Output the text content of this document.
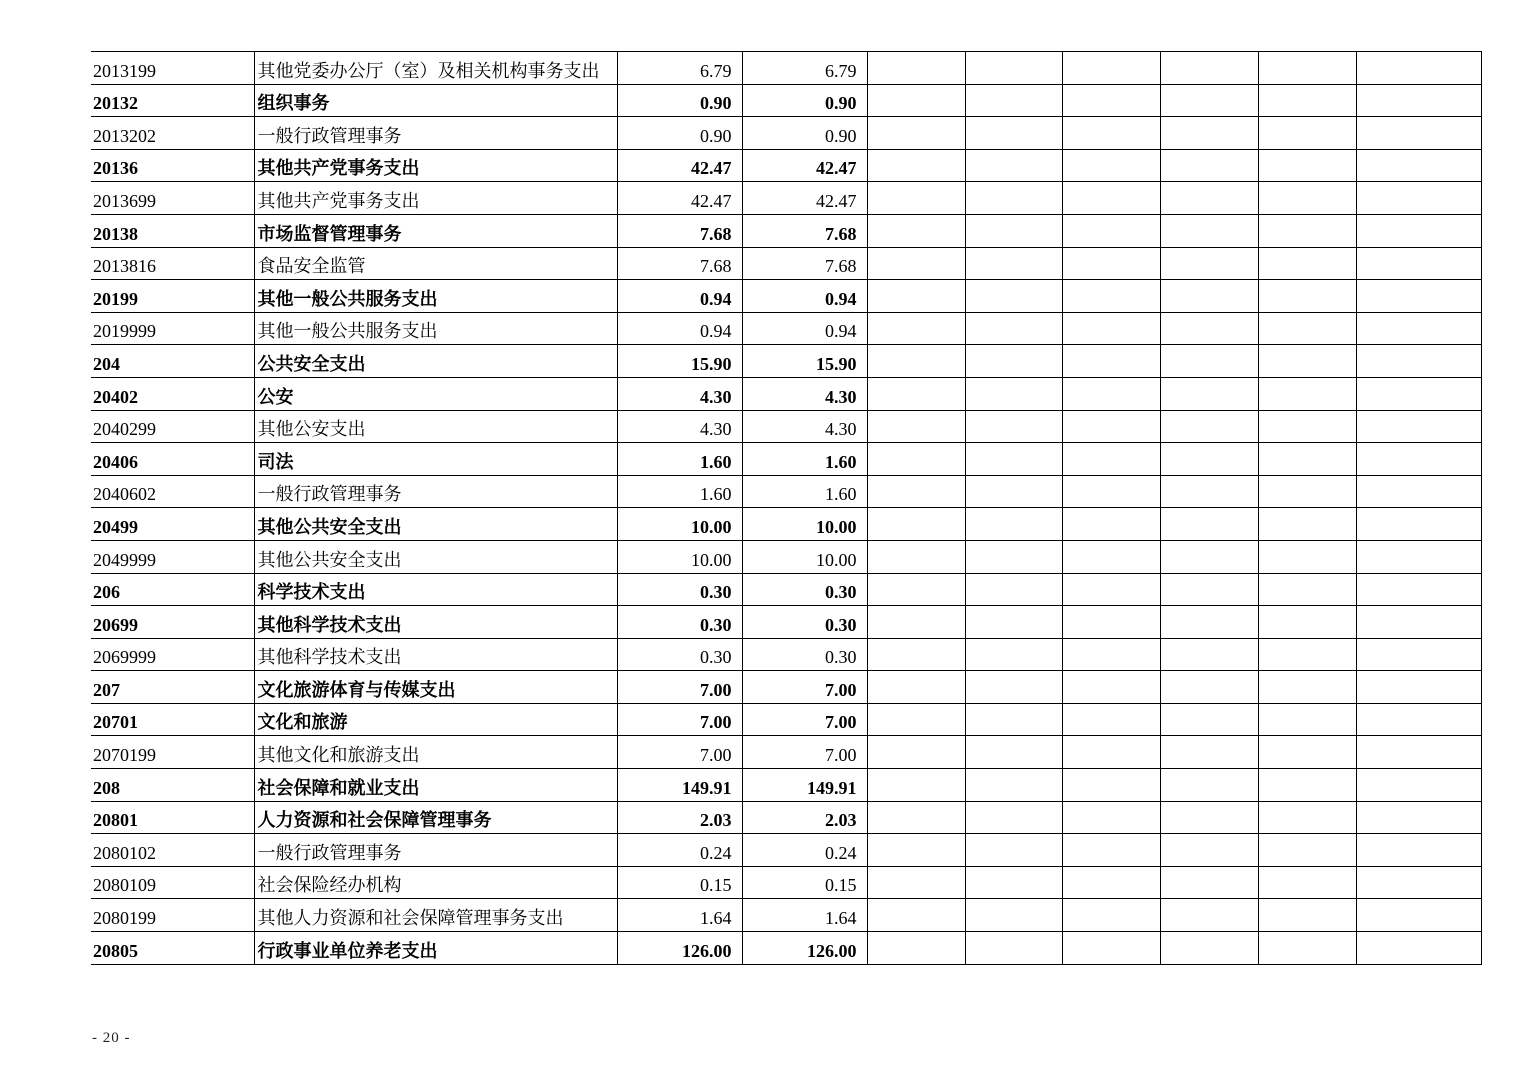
2013199	其他党委办公厅（室）及相关机构事务支出	6.79	6.79						
20132	组织事务	0.90	0.90						
2013202	一般行政管理事务	0.90	0.90						
20136	其他共产党事务支出	42.47	42.47						
2013699	其他共产党事务支出	42.47	42.47						
20138	市场监督管理事务	7.68	7.68						
2013816	食品安全监管	7.68	7.68						
20199	其他一般公共服务支出	0.94	0.94						
2019999	其他一般公共服务支出	0.94	0.94						
204	公共安全支出	15.90	15.90						
20402	公安	4.30	4.30						
2040299	其他公安支出	4.30	4.30						
20406	司法	1.60	1.60						
2040602	一般行政管理事务	1.60	1.60						
20499	其他公共安全支出	10.00	10.00						
2049999	其他公共安全支出	10.00	10.00						
206	科学技术支出	0.30	0.30						
20699	其他科学技术支出	0.30	0.30						
2069999	其他科学技术支出	0.30	0.30						
207	文化旅游体育与传媒支出	7.00	7.00						
20701	文化和旅游	7.00	7.00						
2070199	其他文化和旅游支出	7.00	7.00						
208	社会保障和就业支出	149.91	149.91						
20801	人力资源和社会保障管理事务	2.03	2.03						
2080102	一般行政管理事务	0.24	0.24						
2080109	社会保险经办机构	0.15	0.15						
2080199	其他人力资源和社会保障管理事务支出	1.64	1.64						
20805	行政事业单位养老支出	126.00	126.00						
- 20 -
